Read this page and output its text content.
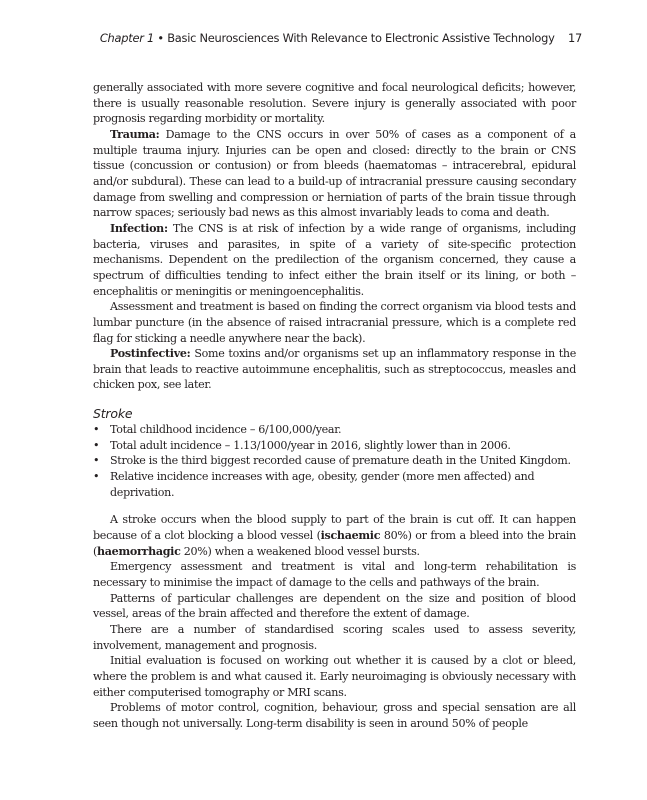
Chapter 1 • Basic Neurosciences With Relevance to Electronic Assistive Technology 17

generally associated with more severe cognitive and focal neurological deficits; however, there is usually reasonable resolution. Severe injury is generally associated with poor prognosis regarding morbidity or mortality.

Trauma: Damage to the CNS occurs in over 50% of cases as a component of a multiple trauma injury. Injuries can be open and closed: directly to the brain or CNS tissue (concussion or contusion) or from bleeds (haematomas – intracerebral, epidural and/or subdural). These can lead to a build-up of intracranial pressure causing secondary damage from swelling and compression or herniation of parts of the brain tissue through narrow spaces; seriously bad news as this almost invariably leads to coma and death.

Infection: The CNS is at risk of infection by a wide range of organisms, including bacteria, viruses and parasites, in spite of a variety of site-specific protection mechanisms. Dependent on the predilection of the organism concerned, they cause a spectrum of difficulties tending to infect either the brain itself or its lining, or both – encephalitis or meningitis or meningoencephalitis.

Assessment and treatment is based on finding the correct organism via blood tests and lumbar puncture (in the absence of raised intracranial pressure, which is a complete red flag for sticking a needle anywhere near the back).

Postinfective: Some toxins and/or organisms set up an inflammatory response in the brain that leads to reactive autoimmune encephalitis, such as streptococcus, measles and chicken pox, see later.

Stroke
• Total childhood incidence – 6/100,000/year.
• Total adult incidence – 1.13/1000/year in 2016, slightly lower than in 2006.
• Stroke is the third biggest recorded cause of premature death in the United Kingdom.
• Relative incidence increases with age, obesity, gender (more men affected) and deprivation.

A stroke occurs when the blood supply to part of the brain is cut off. It can happen because of a clot blocking a blood vessel (ischaemic 80%) or from a bleed into the brain (haemorrhagic 20%) when a weakened blood vessel bursts.

Emergency assessment and treatment is vital and long-term rehabilitation is necessary to minimise the impact of damage to the cells and pathways of the brain.

Patterns of particular challenges are dependent on the size and position of blood vessel, areas of the brain affected and therefore the extent of damage.

There are a number of standardised scoring scales used to assess severity, involvement, management and prognosis.

Initial evaluation is focused on working out whether it is caused by a clot or bleed, where the problem is and what caused it. Early neuroimaging is obviously necessary with either computerised tomography or MRI scans.

Problems of motor control, cognition, behaviour, gross and special sensation are all seen though not universally. Long-term disability is seen in around 50% of people
